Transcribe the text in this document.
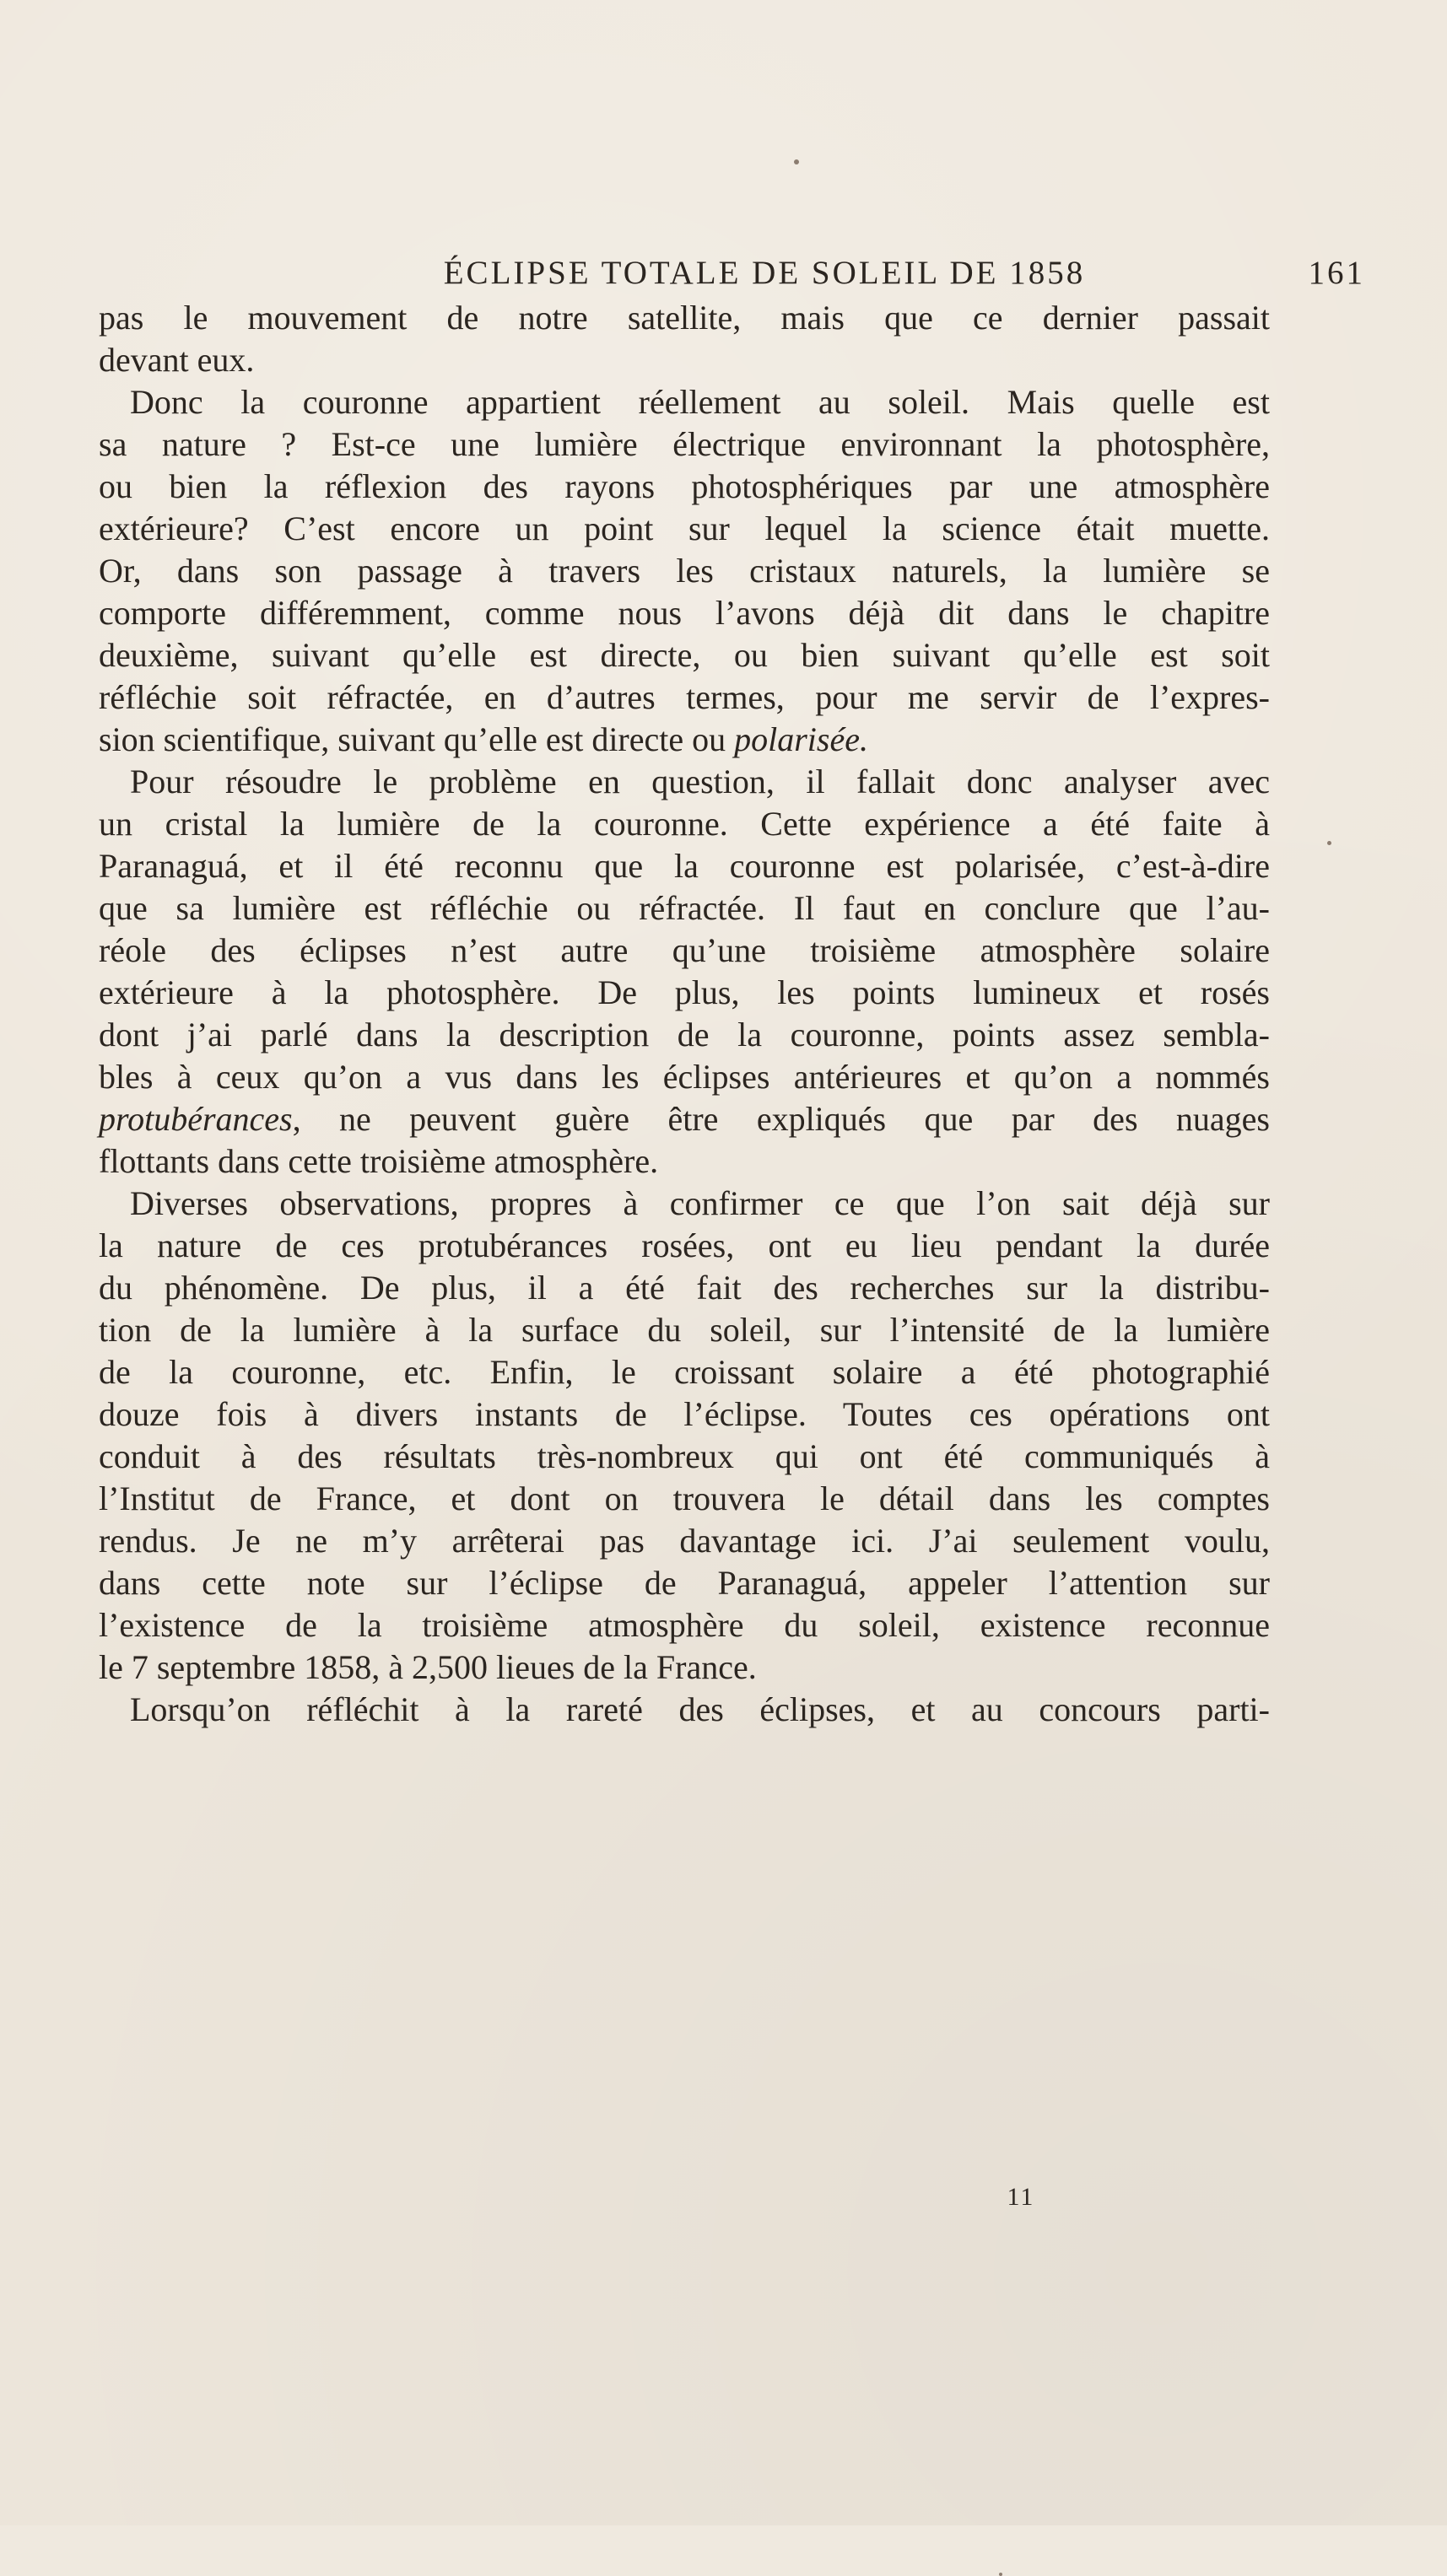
ÉCLIPSE TOTALE DE SOLEIL DE 1858	161
pas le mouvement de notre satellite, mais que ce dernier passait
devant eux.
Donc la couronne appartient réellement au soleil. Mais quelle est
sa nature ? Est-ce une lumière électrique environnant la photosphère,
ou bien la réflexion des rayons photosphériques par une atmosphère
extérieure? C’est encore un point sur lequel la science était muette.
Or, dans son passage à travers les cristaux naturels, la lumière se
comporte différemment, comme nous l’avons déjà dit dans le chapitre
deuxième, suivant qu’elle est directe, ou bien suivant qu’elle est soit
réfléchie soit réfractée, en d’autres termes, pour me servir de l’expres-
sion scientifique, suivant qu’elle est directe ou polarisée.
Pour résoudre le problème en question, il fallait donc analyser avec
un cristal la lumière de la couronne. Cette expérience a été faite à
Paranaguá, et il été reconnu que la couronne est polarisée, c’est-à-dire
que sa lumière est réfléchie ou réfractée. Il faut en conclure que l’au-
réole des éclipses n’est autre qu’une troisième atmosphère solaire
extérieure à la photosphère. De plus, les points lumineux et rosés
dont j’ai parlé dans la description de la couronne, points assez sembla-
bles à ceux qu’on a vus dans les éclipses antérieures et qu’on a nommés
protubérances, ne peuvent guère être expliqués que par des nuages
flottants dans cette troisième atmosphère.
Diverses observations, propres à confirmer ce que l’on sait déjà sur
la nature de ces protubérances rosées, ont eu lieu pendant la durée
du phénomène. De plus, il a été fait des recherches sur la distribu-
tion de la lumière à la surface du soleil, sur l’intensité de la lumière
de la couronne, etc. Enfin, le croissant solaire a été photographié
douze fois à divers instants de l’éclipse. Toutes ces opérations ont
conduit à des résultats très-nombreux qui ont été communiqués à
l’Institut de France, et dont on trouvera le détail dans les comptes
rendus. Je ne m’y arrêterai pas davantage ici. J’ai seulement voulu,
dans cette note sur l’éclipse de Paranaguá, appeler l’attention sur
l’existence de la troisième atmosphère du soleil, existence reconnue
le 7 septembre 1858, à 2,500 lieues de la France.
Lorsqu’on réfléchit à la rareté des éclipses, et au concours parti-
11
